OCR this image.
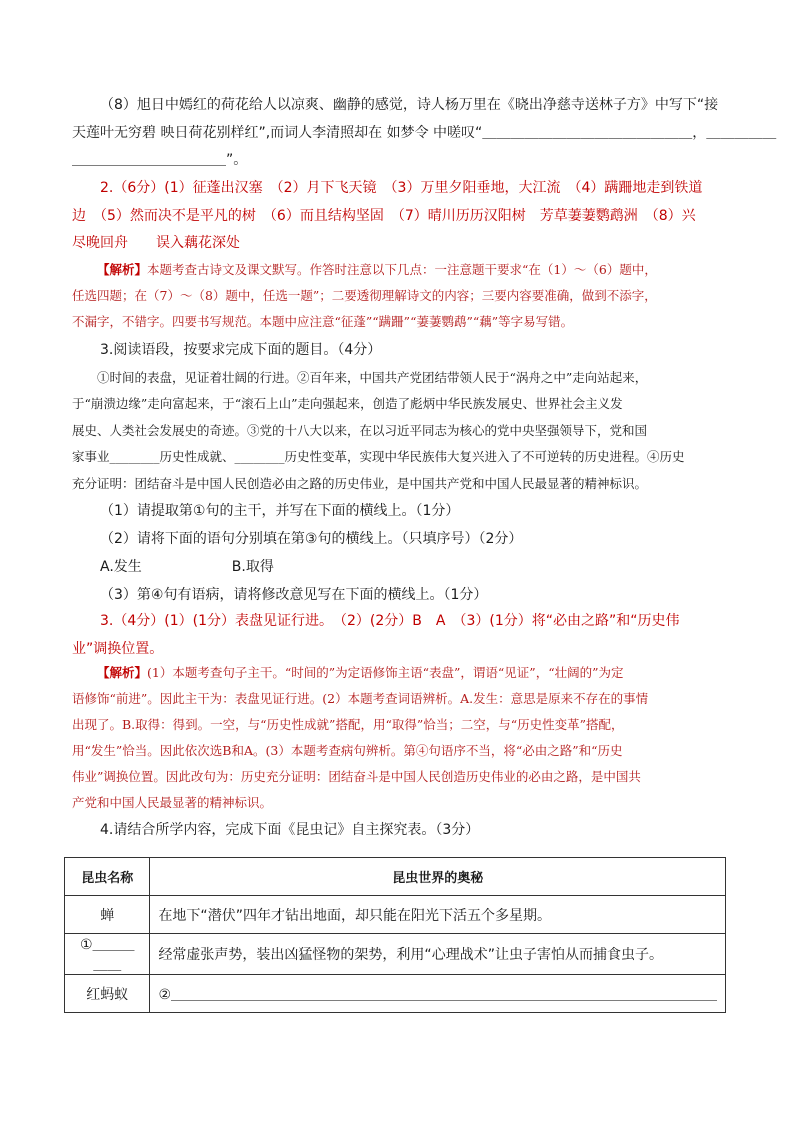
（8）旭日中嫣红的荷花给人以凉爽、幽静的感觉，诗人杨万里在《晓出净慈寺送林子方》中写下“接

天莲叶无穷碧 映日荷花别样红”,而词人李清照却在 如梦令 中嗟叹“＿＿＿＿＿＿＿＿＿＿＿＿＿＿＿，＿＿＿＿＿

＿＿＿＿＿＿＿＿＿＿＿”。

2.（6分）(1）征蓬出汉塞　（2）月下飞天镜　（3）万里夕阳垂地，大江流　（4）蹒跚地走到铁道

边　（5）然而决不是平凡的树　（6）而且结构坚固　（7）晴川历历汉阳树　芳草萋萋鹦鹉洲　（8）兴

尽晚回舟　　误入藕花深处

【解析】本题考查古诗文及课文默写。作答时注意以下几点：一注意题干要求“在（1）～（6）题中，

任选四题；在（7）～（8）题中，任选一题”；二要透彻理解诗文的内容；三要内容要准确，做到不添字，

不漏字，不错字。四要书写规范。本题中应注意“征蓬”“蹒跚”“萋萋鹦鹉”“藕”等字易写错。

3.阅读语段，按要求完成下面的题目。（4分）

①时间的表盘，见证着壮阔的行进。②百年来，中国共产党团结带领人民于“涡舟之中”走向站起来，

于“崩溃边缘”走向富起来，于“滚石上山”走向强起来，创造了彪炳中华民族发展史、世界社会主义发

展史、人类社会发展史的奇迹。③党的十八大以来，在以习近平同志为核心的党中央坚强领导下，党和国

家事业________历史性成就、________历史性变革，实现中华民族伟大复兴进入了不可逆转的历史进程。④历史

充分证明：团结奋斗是中国人民创造必由之路的历史伟业，是中国共产党和中国人民最显著的精神标识。

（1）请提取第①句的主干，并写在下面的横线上。（1分）

（2）请将下面的语句分别填在第③句的横线上。（只填序号）（2分）

A.发生	B.取得

（3）第④句有语病，请将修改意见写在下面的横线上。（1分）

3.（4分）(1）(1分）表盘见证行进。　（2）(2分）B　A　（3）(1分）将“必由之路”和“历史伟

业”调换位置。

【解析】(1）本题考查句子主干。“时间的”为定语修饰主语“表盘”，谓语“见证”，“壮阔的”为定

语修饰“前进”。因此主干为：表盘见证行进。(2）本题考查词语辨析。A.发生：意思是原来不存在的事情

出现了。B.取得：得到。一空，与“历史性成就”搭配，用“取得”恰当；二空，与“历史性变革”搭配，

用“发生”恰当。因此依次选B和A。(3）本题考查病句辨析。第④句语序不当，将“必由之路”和“历史

伟业”调换位置。因此改句为：历史充分证明：团结奋斗是中国人民创造历史伟业的必由之路，是中国共

产党和中国人民最显著的精神标识。

4.请结合所学内容，完成下面《昆虫记》自主探究表。（3分）

昆虫名称	昆虫世界的奥秘
蝉	在地下“潜伏”四年才钻出地面，却只能在阳光下活五个多星期。
①＿＿＿＿＿	经常虚张声势，装出凶猛怪物的架势，利用“心理战术”让虫子害怕从而捕食虫子。
红蚂蚁	②＿＿＿＿＿＿＿＿＿＿＿＿＿＿＿＿＿＿＿＿＿＿＿＿＿＿＿＿＿＿＿＿＿＿＿＿＿＿＿
